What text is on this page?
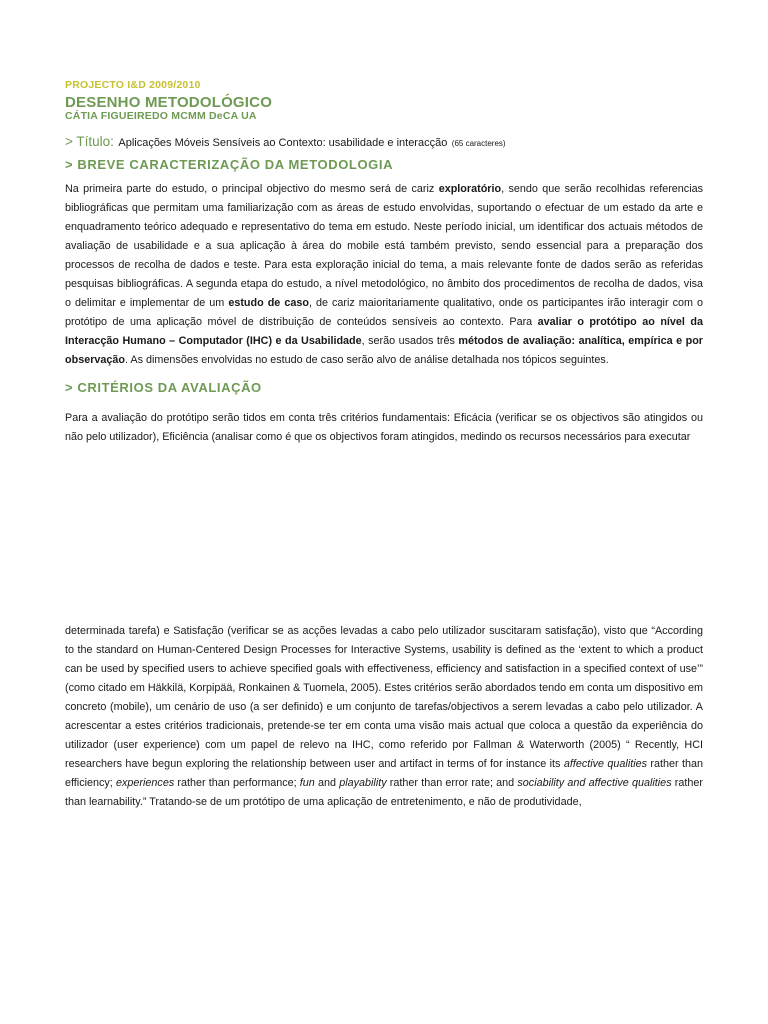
PROJECTO I&D 2009/2010
DESENHO METODOLÓGICO
CÁTIA FIGUEIREDO MCMM DeCA UA
> Título: Aplicações Móveis Sensíveis ao Contexto: usabilidade e interacção (65 caracteres)
> BREVE CARACTERIZAÇÃO DA METODOLOGIA

Na primeira parte do estudo, o principal objectivo do mesmo será de cariz exploratório, sendo que serão recolhidas referencias bibliográficas que permitam uma familiarização com as áreas de estudo envolvidas, suportando o efectuar de um estado da arte e enquadramento teórico adequado e representativo do tema em estudo. Neste período inicial, um identificar dos actuais métodos de avaliação de usabilidade e a sua aplicação à área do mobile está também previsto, sendo essencial para a preparação dos processos de recolha de dados e teste. Para esta exploração inicial do tema, a mais relevante fonte de dados serão as referidas pesquisas bibliográficas. A segunda etapa do estudo, a nível metodológico, no âmbito dos procedimentos de recolha de dados, visa o delimitar e implementar de um estudo de caso, de cariz maioritariamente qualitativo, onde os participantes irão interagir com o protótipo de uma aplicação móvel de distribuição de conteúdos sensíveis ao contexto. Para avaliar o protótipo ao nível da Interacção Humano – Computador (IHC) e da Usabilidade, serão usados três métodos de avaliação: analítica, empírica e por observação. As dimensões envolvidas no estudo de caso serão alvo de análise detalhada nos tópicos seguintes.

> CRITÉRIOS DA AVALIAÇÃO

Para a avaliação do protótipo serão tidos em conta três critérios fundamentais: Eficácia (verificar se os objectivos são atingidos ou não pelo utilizador), Eficiência (analisar como é que os objectivos foram atingidos, medindo os recursos necessários para executar

determinada tarefa) e Satisfação (verificar se as acções levadas a cabo pelo utilizador suscitaram satisfação), visto que “According to the standard on Human-Centered Design Processes for Interactive Systems, usability is defined as the ‘extent to which a product can be used by specified users to achieve specified goals with effectiveness, efficiency and satisfaction in a specified context of use’” (como citado em Häkkilä, Korpipää, Ronkainen & Tuomela, 2005). Estes critérios serão abordados tendo em conta um dispositivo em concreto (mobile), um cenário de uso (a ser definido) e um conjunto de tarefas/objectivos a serem levadas a cabo pelo utilizador. A acrescentar a estes critérios tradicionais, pretende-se ter em conta uma visão mais actual que coloca a questão da experiência do utilizador (user experience) com um papel de relevo na IHC, como referido por Fallman & Waterworth (2005) “ Recently, HCI researchers have begun exploring the relationship between user and artifact in terms of for instance its affective qualities rather than efficiency; experiences rather than performance; fun and playability rather than error rate; and sociability and affective qualities rather than learnability.” Tratando-se de um protótipo de uma aplicação de entretenimento, e não de produtividade,
